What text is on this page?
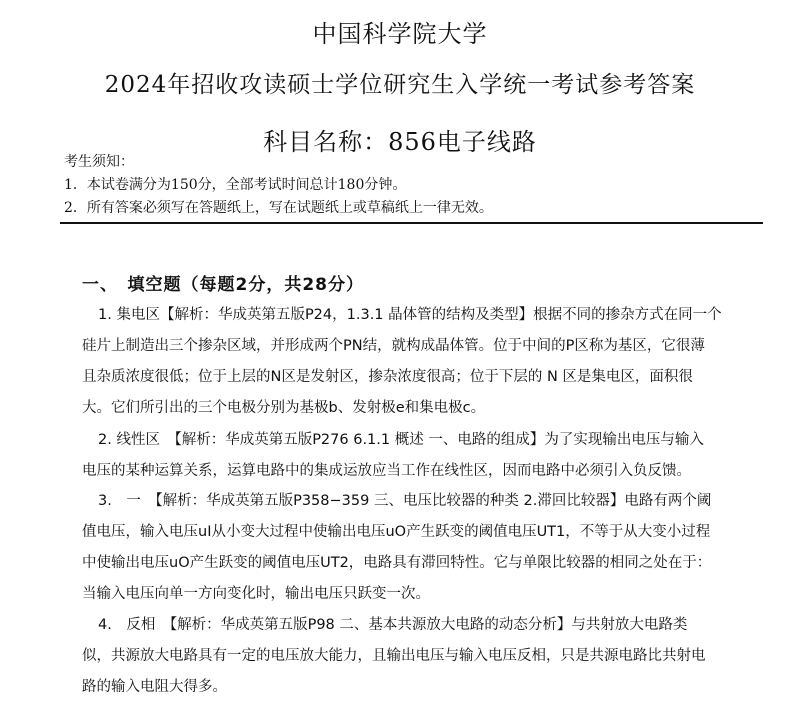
中国科学院大学
2024年招收攻读硕士学位研究生入学统一考试参考答案
科目名称：856电子线路
考生须知：
1．本试卷满分为150分，全部考试时间总计180分钟。
2．所有答案必须写在答题纸上，写在试题纸上或草稿纸上一律无效。
一、　填空题（每题2分，共28分）
1. 集电区【解析：华成英第五版P24，1.3.1 晶体管的结构及类型】根据不同的掺杂方式在同一个
硅片上制造出三个掺杂区域，并形成两个PN结，就构成晶体管。位于中间的P区称为基区，它很薄
且杂质浓度很低；位于上层的N区是发射区，掺杂浓度很高；位于下层的 N 区是集电区，面积很
大。它们所引出的三个电极分别为基极b、发射极e和集电极c。
2. 线性区　【解析：华成英第五版P276 6.1.1 概述 一、电路的组成】为了实现输出电压与输入
电压的某种运算关系，运算电路中的集成运放应当工作在线性区，因而电路中必须引入负反馈。
3.　一　【解析：华成英第五版P358−359 三、电压比较器的种类 2.滞回比较器】电路有两个阈
值电压，输入电压uI从小变大过程中使输出电压uO产生跃变的阈值电压UT1，不等于从大变小过程
中使输出电压uO产生跃变的阈值电压UT2，电路具有滞回特性。它与单限比较器的相同之处在于：
当输入电压向单一方向变化时，输出电压只跃变一次。
4.　反相　【解析：华成英第五版P98 二、基本共源放大电路的动态分析】与共射放大电路类
似，共源放大电路具有一定的电压放大能力，且输出电压与输入电压反相，只是共源电路比共射电
路的输入电阻大得多。
